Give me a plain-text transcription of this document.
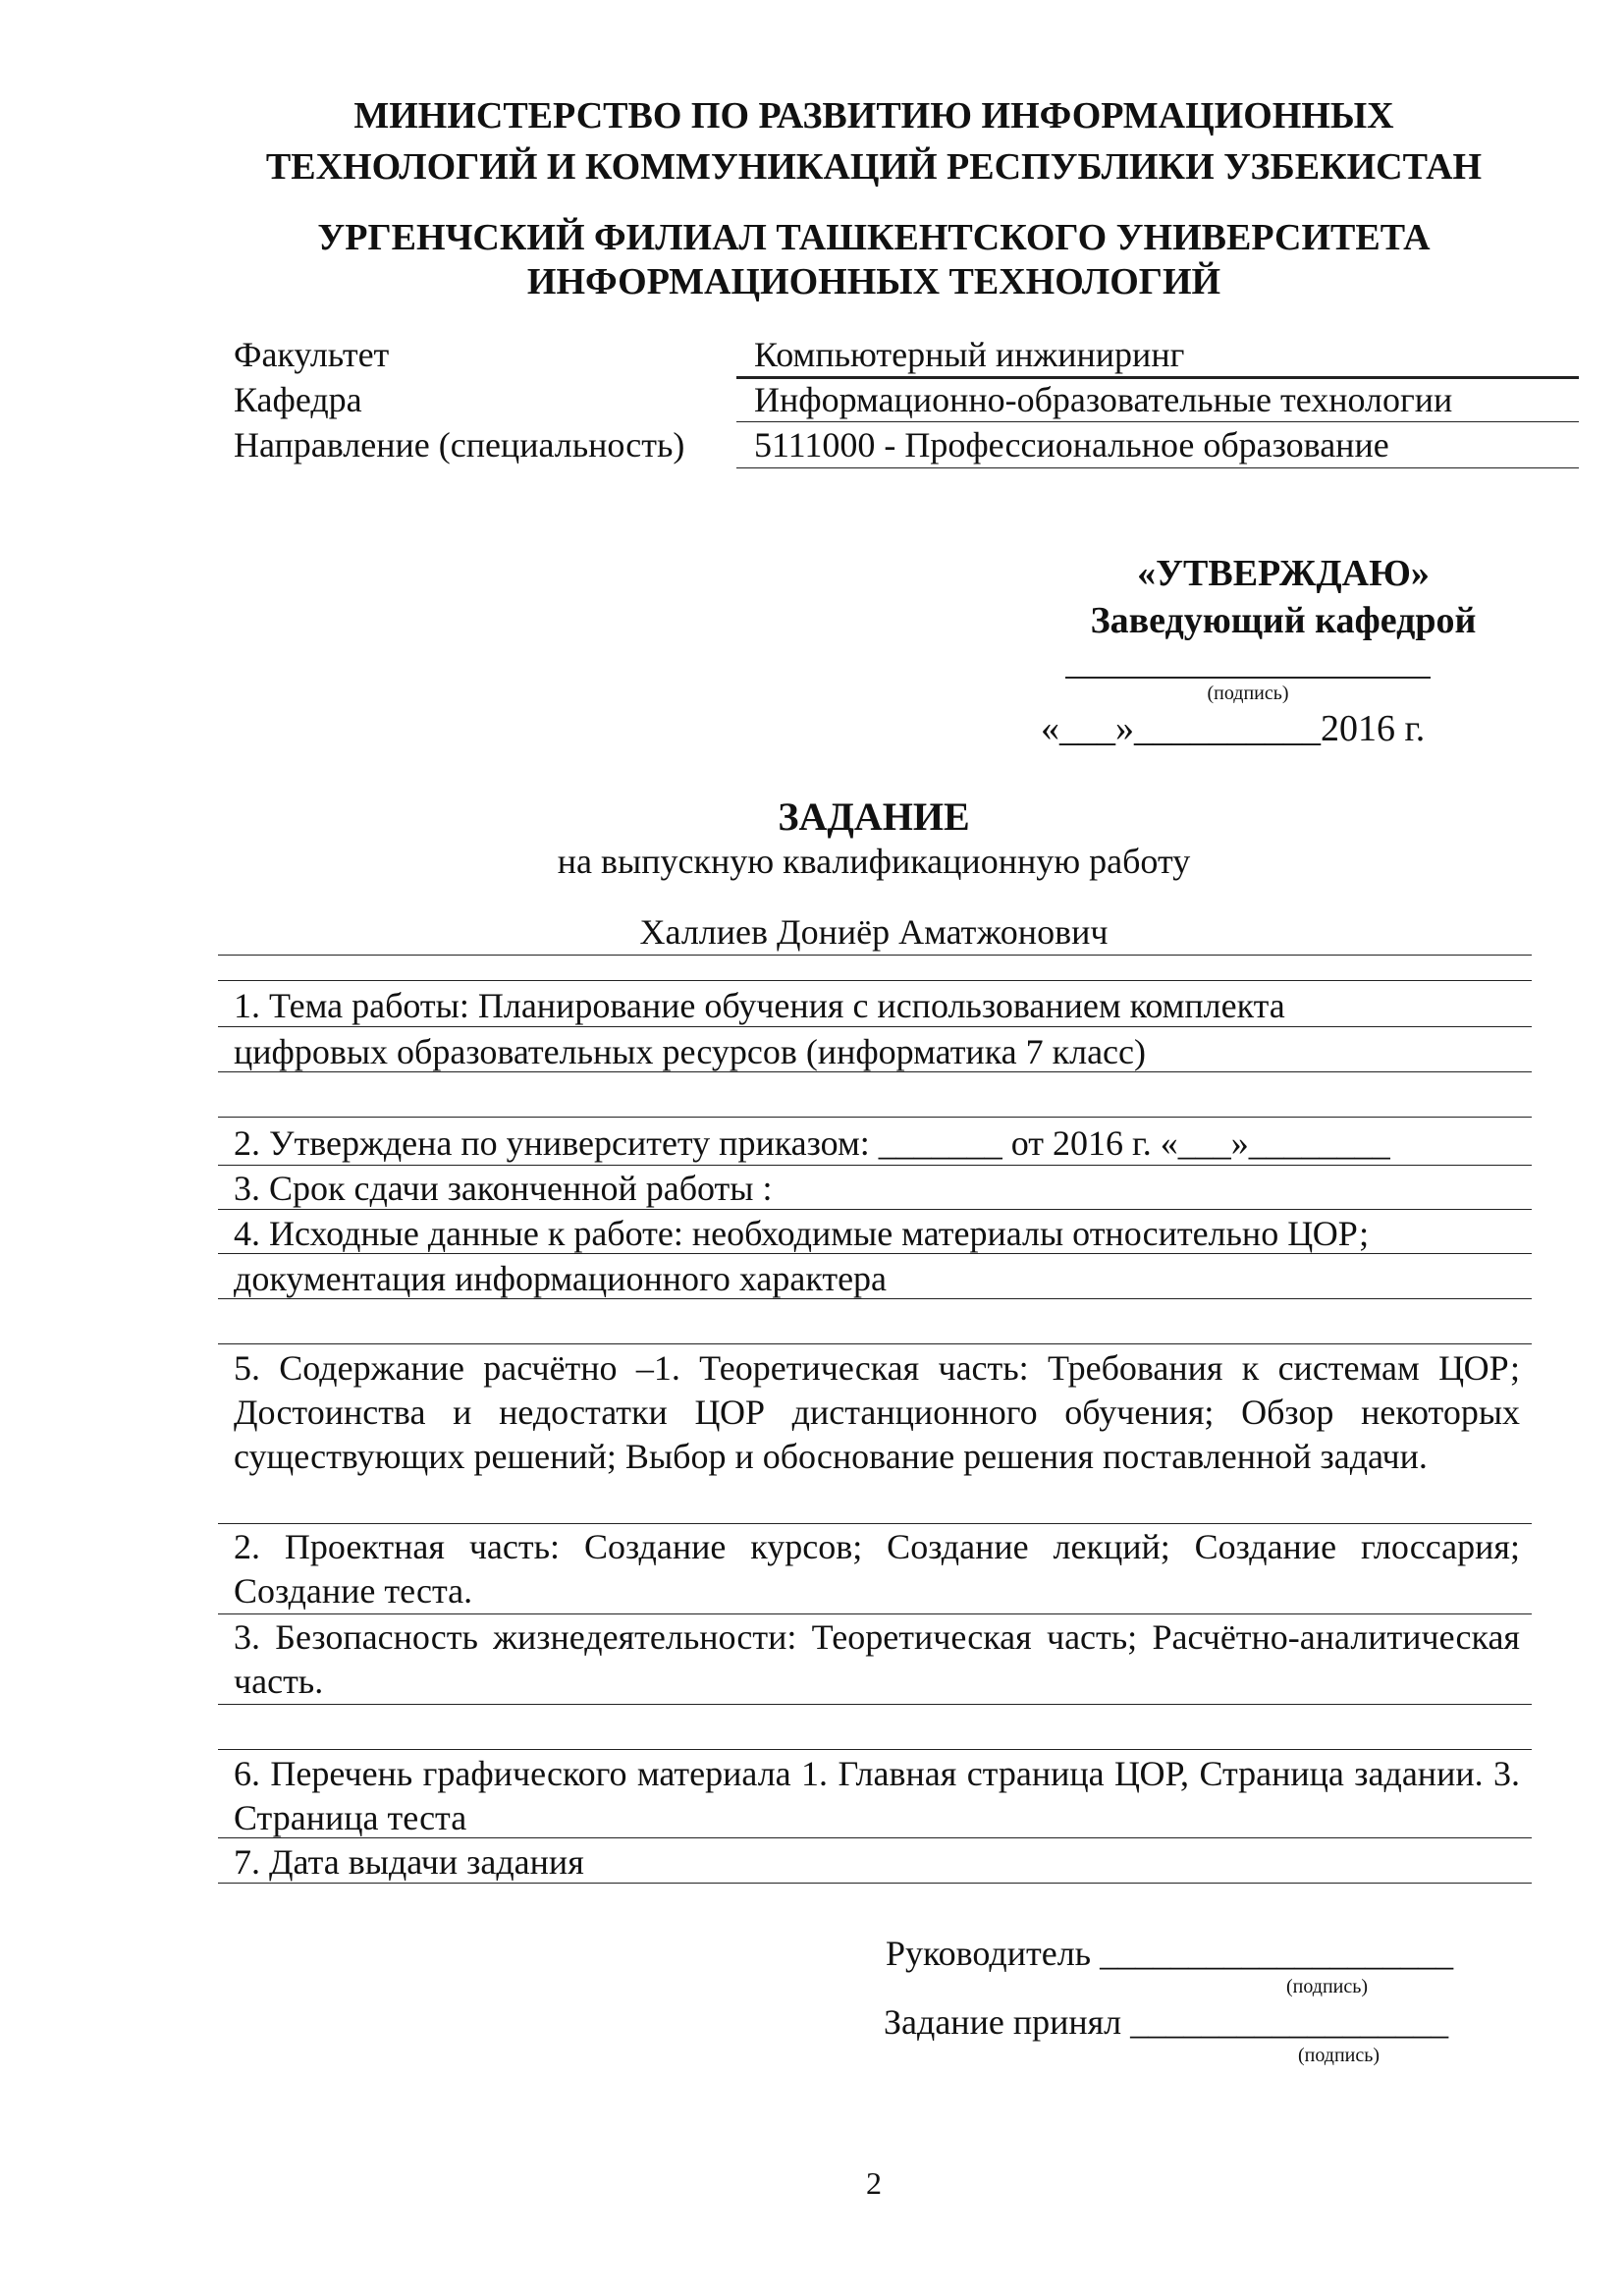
МИНИСТЕРСТВО ПО РАЗВИТИЮ ИНФОРМАЦИОННЫХ
ТЕХНОЛОГИЙ И КОММУНИКАЦИЙ РЕСПУБЛИКИ УЗБЕКИСТАН
УРГЕНЧСКИЙ ФИЛИАЛ ТАШКЕНТСКОГО УНИВЕРСИТЕТА
ИНФОРМАЦИОННЫХ ТЕХНОЛОГИЙ
Факультет	Компьютерный инжиниринг
Кафедра	Информационно-образовательные технологии
Направление (специальность) 5111000 - Профессиональное образование
«УТВЕРЖДАЮ»
Заведующий кафедрой
(подпись)
«___»__________2016 г.
ЗАДАНИЕ
на выпускную квалификационную работу
Халлиев Дониёр Аматжонович
1. Тема работы: Планирование обучения с использованием комплекта
цифровых образовательных ресурсов (информатика 7 класс)
2. Утверждена по университету приказом: _______ от 2016 г. «___»________
3. Срок сдачи законченной работы :
4. Исходные данные к работе: необходимые материалы относительно ЦОР;
документация информационного характера
5. Содержание расчётно –1. Теоретическая часть: Требования к системам ЦОР; Достоинства и недостатки ЦОР дистанционного обучения; Обзор некоторых существующих решений; Выбор и обоснование решения поставленной задачи.
2. Проектная часть: Создание курсов; Создание лекций; Создание глоссария; Создание теста.
3. Безопасность жизнедеятельности: Теоретическая часть; Расчётно-аналитическая часть.
6. Перечень графического материала 1. Главная страница ЦОР, Страница задании. 3. Страница теста
7. Дата выдачи задания
Руководитель ____________________
(подпись)
Задание принял __________________
(подпись)
2
